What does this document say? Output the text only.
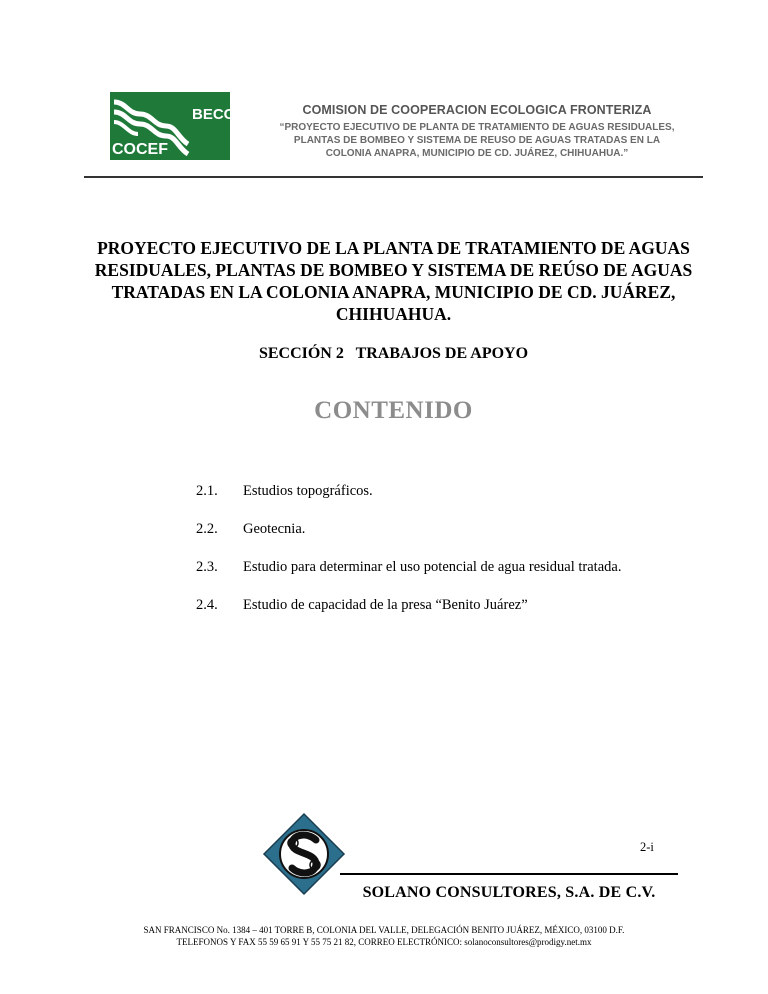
BECC
COCEF
COMISION DE COOPERACION ECOLOGICA FRONTERIZA
“PROYECTO EJECUTIVO DE PLANTA DE TRATAMIENTO DE AGUAS RESIDUALES,
PLANTAS DE BOMBEO Y SISTEMA DE REUSO DE AGUAS TRATADAS EN LA
COLONIA ANAPRA, MUNICIPIO DE CD. JUÁREZ, CHIHUAHUA.”
PROYECTO EJECUTIVO DE LA PLANTA DE TRATAMIENTO DE AGUAS
RESIDUALES, PLANTAS DE BOMBEO Y SISTEMA DE REÚSO DE AGUAS
TRATADAS EN LA COLONIA ANAPRA, MUNICIPIO DE CD. JUÁREZ,
CHIHUAHUA.
SECCIÓN 2   TRABAJOS DE APOYO
CONTENIDO
2.1. Estudios topográficos.
2.2. Geotecnia.
2.3. Estudio para determinar el uso potencial de agua residual tratada.
2.4. Estudio de capacidad de la presa “Benito Juárez”
2-i
SOLANO CONSULTORES, S.A. DE C.V.
SAN FRANCISCO No. 1384 – 401 TORRE B, COLONIA DEL VALLE, DELEGACIÓN BENITO JUÁREZ, MÉXICO, 03100 D.F.
TELEFONOS Y FAX 55 59 65 91 Y 55 75 21 82, CORREO ELECTRÓNICO: solanoconsultores@prodigy.net.mx
